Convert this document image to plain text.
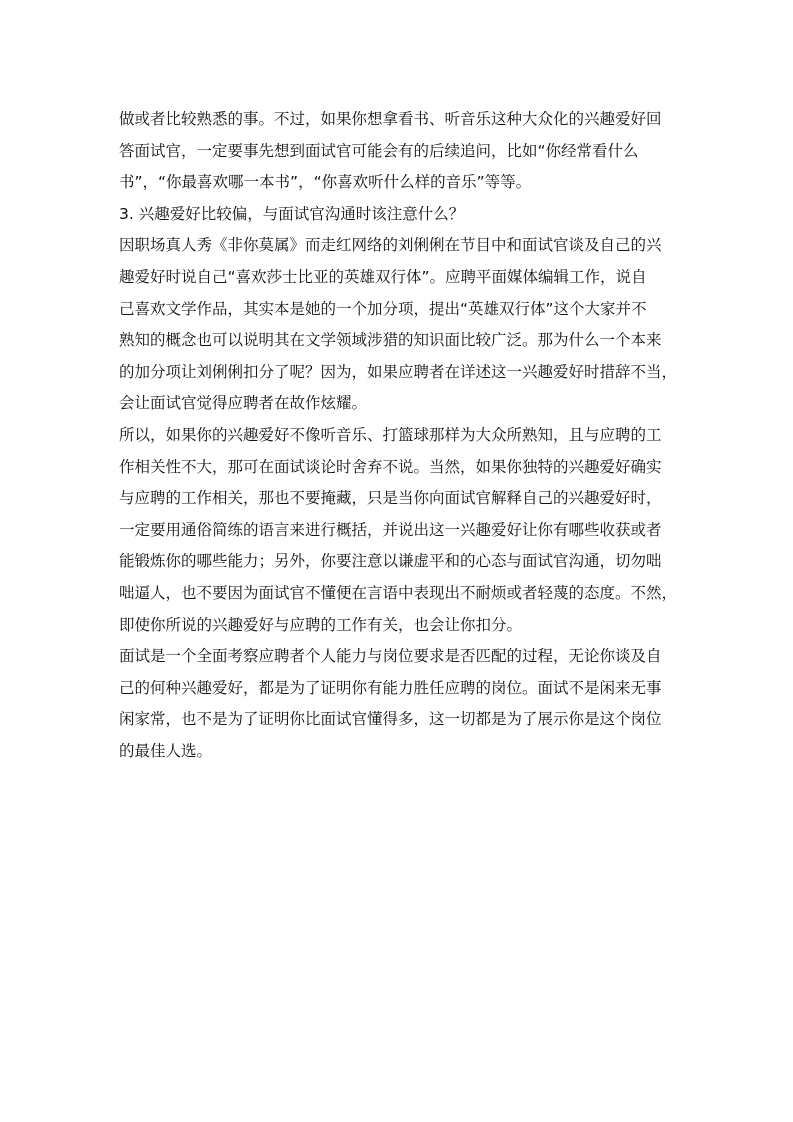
做或者比较熟悉的事。不过，如果你想拿看书、听音乐这种大众化的兴趣爱好回
答面试官，一定要事先想到面试官可能会有的后续追问，比如“你经常看什么
书”，“你最喜欢哪一本书”，“你喜欢听什么样的音乐”等等。

3. 兴趣爱好比较偏，与面试官沟通时该注意什么？

因职场真人秀《非你莫属》而走红网络的刘俐俐在节目中和面试官谈及自己的兴
趣爱好时说自己“喜欢莎士比亚的英雄双行体”。应聘平面媒体编辑工作，说自
己喜欢文学作品，其实本是她的一个加分项，提出“英雄双行体”这个大家并不
熟知的概念也可以说明其在文学领域涉猎的知识面比较广泛。那为什么一个本来
的加分项让刘俐俐扣分了呢？因为，如果应聘者在详述这一兴趣爱好时措辞不当，
会让面试官觉得应聘者在故作炫耀。

所以，如果你的兴趣爱好不像听音乐、打篮球那样为大众所熟知，且与应聘的工
作相关性不大，那可在面试谈论时舍弃不说。当然，如果你独特的兴趣爱好确实
与应聘的工作相关，那也不要掩藏，只是当你向面试官解释自己的兴趣爱好时，
一定要用通俗简练的语言来进行概括，并说出这一兴趣爱好让你有哪些收获或者
能锻炼你的哪些能力；另外，你要注意以谦虚平和的心态与面试官沟通，切勿咄
咄逼人，也不要因为面试官不懂便在言语中表现出不耐烦或者轻蔑的态度。不然，
即使你所说的兴趣爱好与应聘的工作有关，也会让你扣分。

面试是一个全面考察应聘者个人能力与岗位要求是否匹配的过程，无论你谈及自
己的何种兴趣爱好，都是为了证明你有能力胜任应聘的岗位。面试不是闲来无事
闲家常，也不是为了证明你比面试官懂得多，这一切都是为了展示你是这个岗位
的最佳人选。
